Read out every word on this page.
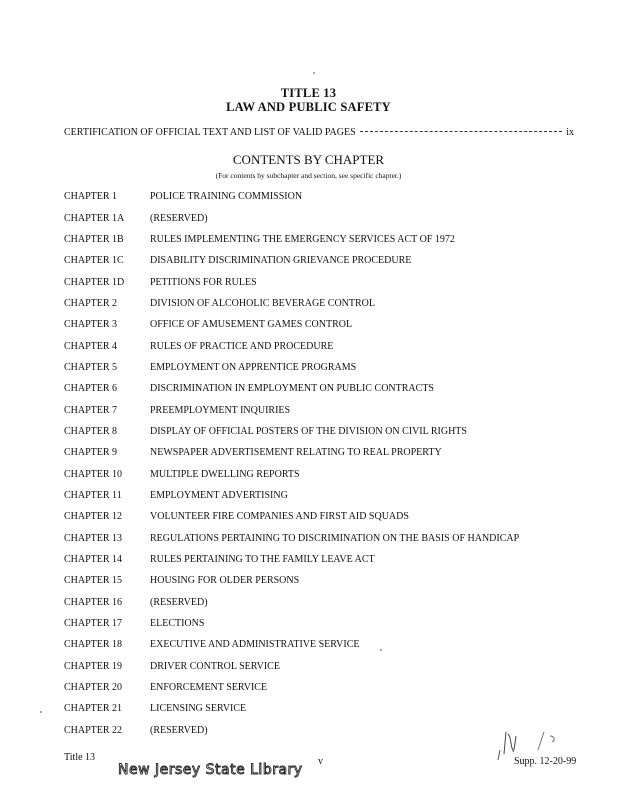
TITLE 13
LAW AND PUBLIC SAFETY
CERTIFICATION OF OFFICIAL TEXT AND LIST OF VALID PAGES	ix
CONTENTS BY CHAPTER
(For contents by subchapter and section, see specific chapter.)
CHAPTER 1	POLICE TRAINING COMMISSION
CHAPTER 1A	(RESERVED)
CHAPTER 1B	RULES IMPLEMENTING THE EMERGENCY SERVICES ACT OF 1972
CHAPTER 1C	DISABILITY DISCRIMINATION GRIEVANCE PROCEDURE
CHAPTER 1D	PETITIONS FOR RULES
CHAPTER 2	DIVISION OF ALCOHOLIC BEVERAGE CONTROL
CHAPTER 3	OFFICE OF AMUSEMENT GAMES CONTROL
CHAPTER 4	RULES OF PRACTICE AND PROCEDURE
CHAPTER 5	EMPLOYMENT ON APPRENTICE PROGRAMS
CHAPTER 6	DISCRIMINATION IN EMPLOYMENT ON PUBLIC CONTRACTS
CHAPTER 7	PREEMPLOYMENT INQUIRIES
CHAPTER 8	DISPLAY OF OFFICIAL POSTERS OF THE DIVISION ON CIVIL RIGHTS
CHAPTER 9	NEWSPAPER ADVERTISEMENT RELATING TO REAL PROPERTY
CHAPTER 10	MULTIPLE DWELLING REPORTS
CHAPTER 11	EMPLOYMENT ADVERTISING
CHAPTER 12	VOLUNTEER FIRE COMPANIES AND FIRST AID SQUADS
CHAPTER 13	REGULATIONS PERTAINING TO DISCRIMINATION ON THE BASIS OF HANDICAP
CHAPTER 14	RULES PERTAINING TO THE FAMILY LEAVE ACT
CHAPTER 15	HOUSING FOR OLDER PERSONS
CHAPTER 16	(RESERVED)
CHAPTER 17	ELECTIONS
CHAPTER 18	EXECUTIVE AND ADMINISTRATIVE SERVICE
CHAPTER 19	DRIVER CONTROL SERVICE
CHAPTER 20	ENFORCEMENT SERVICE
CHAPTER 21	LICENSING SERVICE
CHAPTER 22	(RESERVED)
Title 13	v	Supp. 12-20-99
New Jersey State Library
